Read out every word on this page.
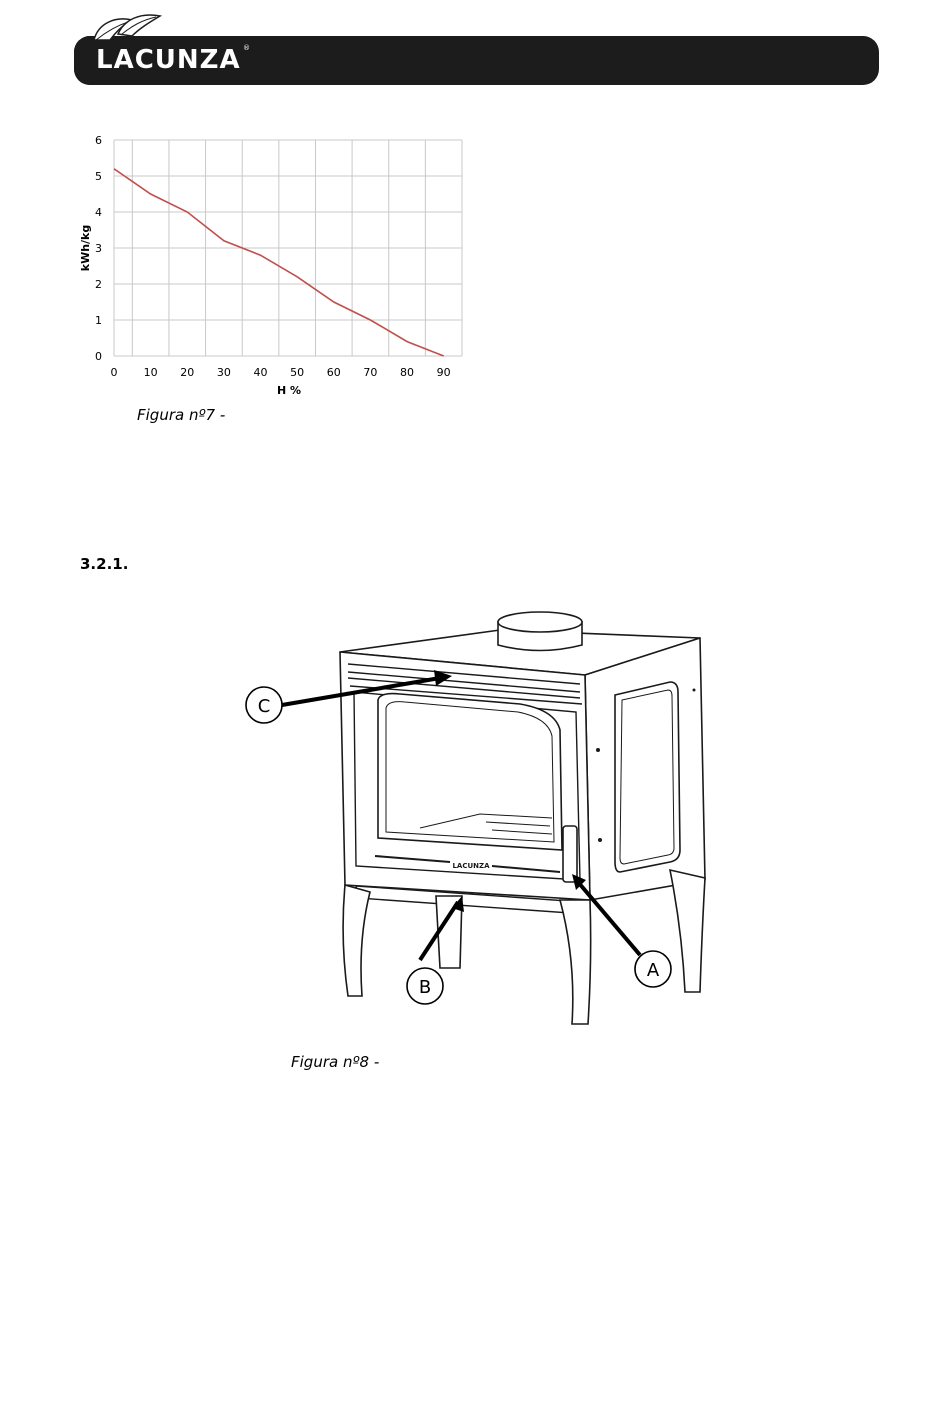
LACUNZA ®
0
1
2
3
4
5
6
0 10 20 30 40 50 60 70 80 90
H %
kWh/kg
Figura nº7 -
3.2.1.
LACUNZA
C
B
A
Figura nº8 -
